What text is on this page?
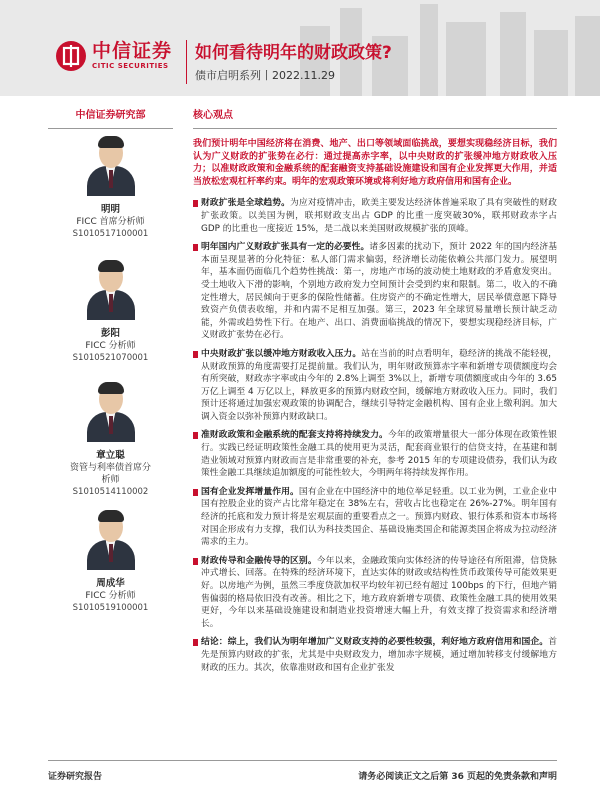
中信证券
CITIC SECURITIES
如何看待明年的财政政策?
债市启明系列丨2022.11.29
中信证券研究部
明明
FICC 首席分析师
S1010517100001
彭阳
FICC 分析师
S1010521070001
章立聪
资管与利率债首席分析师
S1010514110002
周成华
FICC 分析师
S1010519100001
核心观点
我们预计明年中国经济将在消费、地产、出口等领域面临挑战，要想实现稳经济目标，我们认为广义财政的扩张势在必行：通过提高赤字率，以中央财政的扩张缓冲地方财政收入压力；以准财政政策和金融系统的配套融资支持基础设施建设和国有企业发挥更大作用，并适当放松宏观杠杆率约束。明年的宏观政策环境或将利好地方政府信用和国有企业。
财政扩张是全球趋势。为应对疫情冲击，欧美主要发达经济体普遍采取了具有突破性的财政扩张政策。以美国为例，联邦财政支出占 GDP 的比重一度突破30%，联邦财政赤字占 GDP 的比重也一度接近 15%，是二战以来美国财政规模扩张的顶峰。
明年国内广义财政扩张具有一定的必要性。诸多因素的扰动下，预计 2022 年的国内经济基本面呈现显著的分化特征：私人部门需求偏弱，经济增长动能依赖公共部门发力。展望明年，基本面仍面临几个趋势性挑战：第一，房地产市场的波动使土地财政的矛盾愈发突出。受土地收入下滑的影响，个别地方政府发力空间预计会受到约束和限制。第二，收入的不确定性增大，居民倾向于更多的保险性储蓄。住房资产的不确定性增大，居民举债意愿下降导致资产负债表收缩，并和内需不足相互加强。第三，2023 年全球贸易量增长预计缺乏动能，外需或趋势性下行。在地产、出口、消费面临挑战的情况下，要想实现稳经济目标，广义财政扩张势在必行。
中央财政扩张以缓冲地方财政收入压力。站在当前的时点看明年，稳经济的挑战不能轻视，从财政预算的角度需要打足提前量。我们认为，明年财政预算赤字率和新增专项债额度均会有所突破，财政赤字率或由今年的 2.8%上调至 3%以上，新增专项债额度或由今年的 3.65 万亿上调至 4 万亿以上，释放更多的预算内财政空间，缓解地方财政收入压力。同时，我们预计还将通过加强宏观政策的协调配合，继续引导特定金融机构、国有企业上缴利润。加大调入资金以弥补预算内财政缺口。
准财政政策和金融系统的配套支持将持续发力。今年的政策增量很大一部分体现在政策性银行。实践已经证明政策性金融工具的使用更为灵活，配套商业银行的信贷支持，在基建和制造业领域对预算内财政而言是非常重要的补充，参考 2015 年的专项建设债券，我们认为政策性金融工具继续追加额度的可能性较大，今明两年将持续发挥作用。
国有企业发挥增量作用。国有企业在中国经济中的地位举足轻重。以工业为例，工业企业中国有控股企业的资产占比常年稳定在 38%左右，营收占比也稳定在 26%-27%。明年国有经济的托底和发力预计将是宏观层面的重要看点之一。预算内财政、银行体系和资本市场将对国企形成有力支撑，我们认为科技类国企、基础设施类国企和能源类国企将成为拉动经济需求的主力。
财政传导和金融传导的区别。今年以来，金融政策向实体经济的传导途径有所阻滞，信贷脉冲式增长、回落。在特殊的经济环境下，直达实体的财政或结构性货币政策传导可能效果更好。以房地产为例，虽然三季度贷款加权平均较年初已经有超过 100bps 的下行，但地产销售偏弱的格局依旧没有改善。相比之下，地方政府新增专项债、政策性金融工具的使用效果更好，今年以来基础设施建设和制造业投资增速大幅上升，有效支撑了投资需求和经济增长。
结论：综上，我们认为明年增加广义财政支持的必要性较强，利好地方政府信用和国企。首先是预算内财政的扩张，尤其是中央财政发力，增加赤字规模，通过增加转移支付缓解地方财政的压力。其次，依靠准财政和国有企业扩张发
证券研究报告	请务必阅读正文之后第 36 页起的免责条款和声明
